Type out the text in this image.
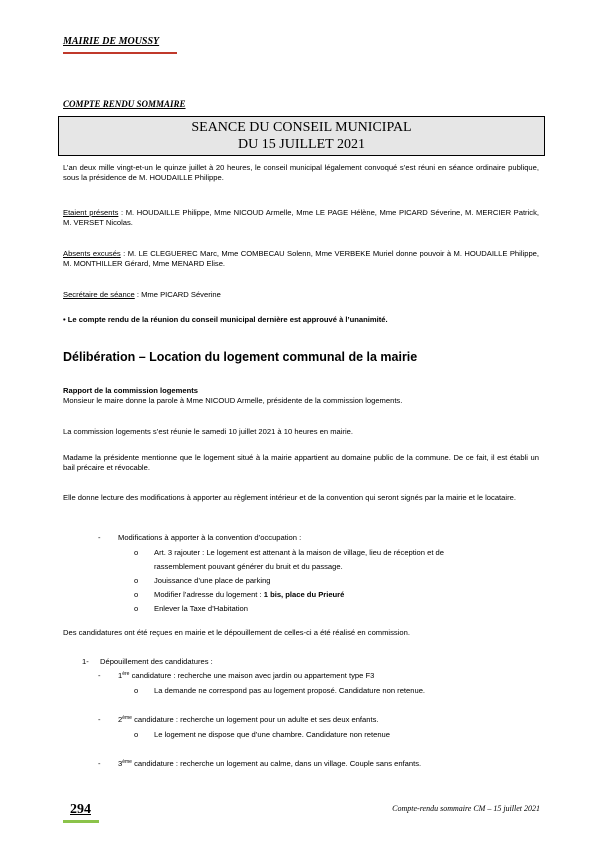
MAIRIE DE MOUSSY
COMPTE RENDU SOMMAIRE
SEANCE DU CONSEIL MUNICIPAL
DU 15 JUILLET 2021
L’an deux mille vingt-et-un le quinze juillet à 20 heures, le conseil municipal légalement convoqué s’est réuni en séance ordinaire publique, sous la présidence de M. HOUDAILLE Philippe.
Etaient présents : M. HOUDAILLE Philippe, Mme NICOUD Armelle, Mme LE PAGE Hélène, Mme PICARD Séverine, M. MERCIER Patrick, M. VERSET Nicolas.
Absents excusés : M. LE CLEGUEREC Marc, Mme COMBECAU Solenn, Mme VERBEKE Muriel donne pouvoir à M. HOUDAILLE Philippe, M. MONTHILLER Gérard, Mme MENARD Elise.
Secrétaire de séance : Mme PICARD Séverine
• Le compte rendu de la réunion du conseil municipal dernière est approuvé à l’unanimité.
Délibération – Location du logement communal de la mairie
Rapport de la commission logements
Monsieur le maire donne la parole à Mme NICOUD Armelle, présidente de la commission logements.
La commission logements s’est réunie le samedi 10 juillet 2021 à 10 heures en mairie.
Madame la présidente mentionne que le logement situé à la mairie appartient au domaine public de la commune. De ce fait, il est établi un bail précaire et révocable.
Elle donne lecture des modifications à apporter au règlement intérieur et de la convention qui seront signés par la mairie et le locataire.
- Modifications à apporter à la convention d’occupation :
o Art. 3 rajouter : Le logement est attenant à la maison de village, lieu de réception et de
rassemblement pouvant générer du bruit et du passage.
o Jouissance d’une place de parking
o Modifier l’adresse du logement : 1 bis, place du Prieuré
o Enlever la Taxe d’Habitation
Des candidatures ont été reçues en mairie et le dépouillement de celles-ci a été réalisé en commission.
1- Dépouillement des candidatures :
- 1ère candidature : recherche une maison avec jardin ou appartement type F3
o La demande ne correspond pas au logement proposé. Candidature non retenue.
- 2ème candidature : recherche un logement pour un adulte et ses deux enfants.
o Le logement ne dispose que d’une chambre. Candidature non retenue
- 3ème candidature : recherche un logement au calme, dans un village. Couple sans enfants.
294	Compte-rendu sommaire CM – 15 juillet 2021
